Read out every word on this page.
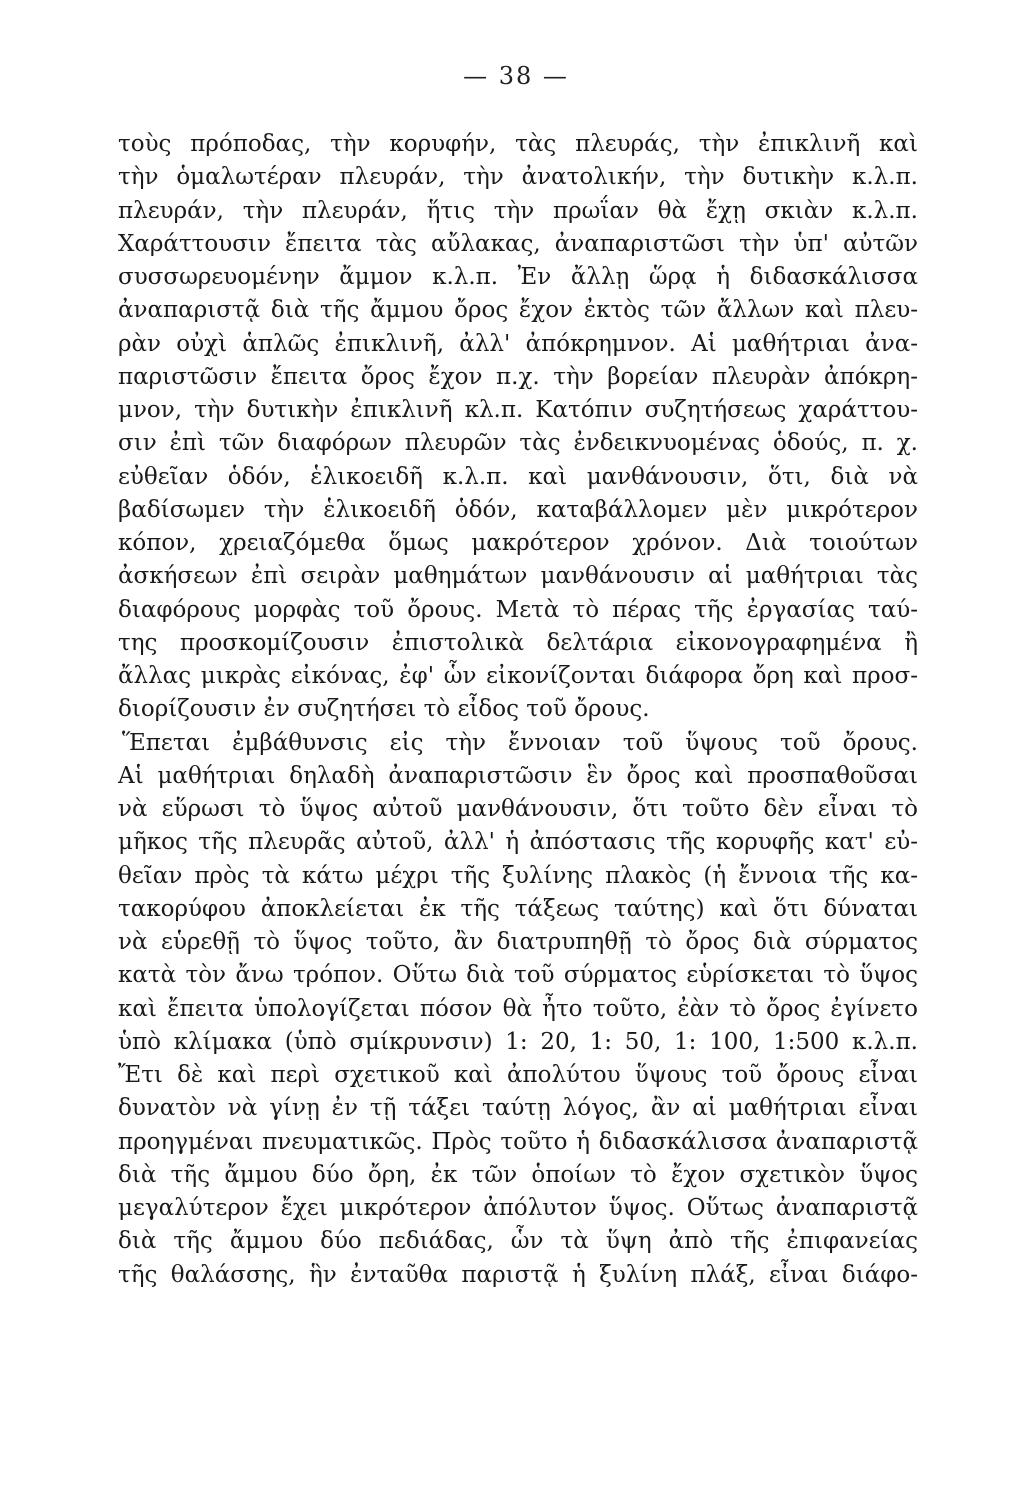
— 38 —
τοὺς πρόποδας, τὴν κορυφήν, τὰς πλευράς, τὴν ἐπικλινῆ καὶ
τὴν ὁμαλωτέραν πλευράν, τὴν ἀνατολικήν, τὴν δυτικὴν κ.λ.π.
πλευράν, τὴν πλευράν, ἥτις τὴν πρωΐαν θὰ ἔχῃ σκιὰν κ.λ.π.
Χαράττουσιν ἔπειτα τὰς αὔλακας, ἀναπαριστῶσι τὴν ὑπ' αὐτῶν
συσσωρευομένην ἄμμον κ.λ.π. Ἐν ἄλλῃ ὥρᾳ ἡ διδασκάλισσα
ἀναπαριστᾷ διὰ τῆς ἄμμου ὄρος ἔχον ἐκτὸς τῶν ἄλλων καὶ πλευ-
ρὰν οὐχὶ ἁπλῶς ἐπικλινῆ, ἀλλ' ἀπόκρημνον. Αἱ μαθήτριαι ἀνα-
παριστῶσιν ἔπειτα ὄρος ἔχον π.χ. τὴν βορείαν πλευρὰν ἀπόκρη-
μνον, τὴν δυτικὴν ἐπικλινῆ κλ.π. Κατόπιν συζητήσεως χαράττου-
σιν ἐπὶ τῶν διαφόρων πλευρῶν τὰς ἐνδεικνυομένας ὁδούς, π. χ.
εὐθεῖαν ὁδόν, ἑλικοειδῆ κ.λ.π. καὶ μανθάνουσιν, ὅτι, διὰ νὰ
βαδίσωμεν τὴν ἑλικοειδῆ ὁδόν, καταβάλλομεν μὲν μικρότερον
κόπον, χρειαζόμεθα ὅμως μακρότερον χρόνον. Διὰ τοιούτων
ἀσκήσεων ἐπὶ σειρὰν μαθημάτων μανθάνουσιν αἱ μαθήτριαι τὰς
διαφόρους μορφὰς τοῦ ὄρους. Μετὰ τὸ πέρας τῆς ἐργασίας ταύ-
της προσκομίζουσιν ἐπιστολικὰ δελτάρια εἰκονογραφημένα ἢ
ἄλλας μικρὰς εἰκόνας, ἐφ' ὧν εἰκονίζονται διάφορα ὄρη καὶ προσ-
διορίζουσιν ἐν συζητήσει τὸ εἶδος τοῦ ὄρους.
Ἕπεται ἐμβάθυνσις εἰς τὴν ἔννοιαν τοῦ ὕψους τοῦ ὄρους.
Αἱ μαθήτριαι δηλαδὴ ἀναπαριστῶσιν ἓν ὄρος καὶ προσπαθοῦσαι
νὰ εὕρωσι τὸ ὕψος αὐτοῦ μανθάνουσιν, ὅτι τοῦτο δὲν εἶναι τὸ
μῆκος τῆς πλευρᾶς αὐτοῦ, ἀλλ' ἡ ἀπόστασις τῆς κορυφῆς κατ' εὐ-
θεῖαν πρὸς τὰ κάτω μέχρι τῆς ξυλίνης πλακὸς (ἡ ἔννοια τῆς κα-
τακορύφου ἀποκλείεται ἐκ τῆς τάξεως ταύτης) καὶ ὅτι δύναται
νὰ εὑρεθῇ τὸ ὕψος τοῦτο, ἂν διατρυπηθῇ τὸ ὄρος διὰ σύρματος
κατὰ τὸν ἄνω τρόπον. Οὕτω διὰ τοῦ σύρματος εὑρίσκεται τὸ ὕψος
καὶ ἔπειτα ὑπολογίζεται πόσον θὰ ἦτο τοῦτο, ἐὰν τὸ ὄρος ἐγίνετο
ὑπὸ κλίμακα (ὑπὸ σμίκρυνσιν) 1: 20, 1: 50, 1: 100, 1:500 κ.λ.π.
Ἔτι δὲ καὶ περὶ σχετικοῦ καὶ ἀπολύτου ὕψους τοῦ ὄρους εἶναι
δυνατὸν νὰ γίνῃ ἐν τῇ τάξει ταύτῃ λόγος, ἂν αἱ μαθήτριαι εἶναι
προηγμέναι πνευματικῶς. Πρὸς τοῦτο ἡ διδασκάλισσα ἀναπαριστᾷ
διὰ τῆς ἄμμου δύο ὄρη, ἐκ τῶν ὁποίων τὸ ἔχον σχετικὸν ὕψος
μεγαλύτερον ἔχει μικρότερον ἀπόλυτον ὕψος. Οὕτως ἀναπαριστᾷ
διὰ τῆς ἄμμου δύο πεδιάδας, ὧν τὰ ὕψη ἀπὸ τῆς ἐπιφανείας
τῆς θαλάσσης, ἣν ἐνταῦθα παριστᾷ ἡ ξυλίνη πλάξ, εἶναι διάφο-
